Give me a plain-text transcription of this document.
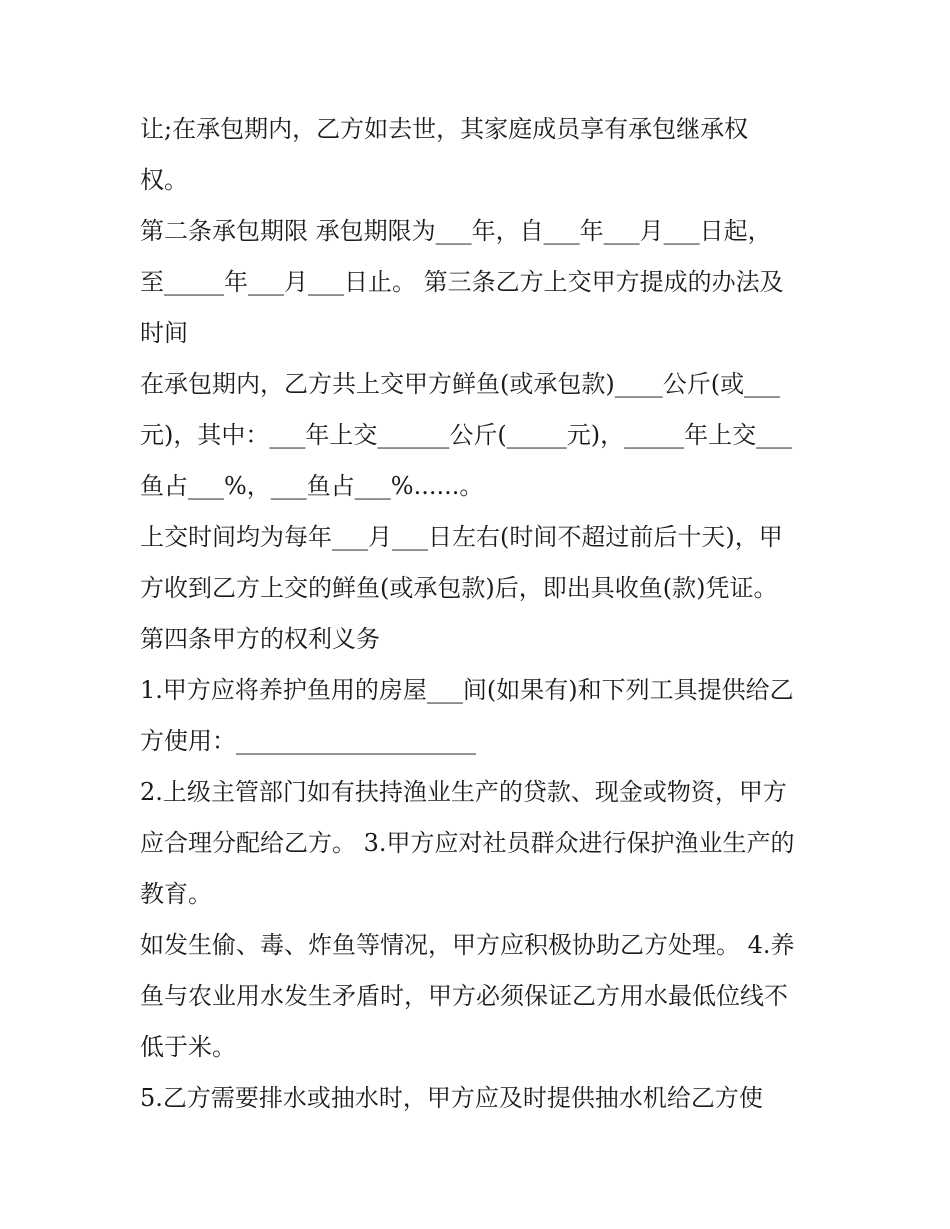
让;在承包期内，乙方如去世，其家庭成员享有承包继承权
权。
第二条承包期限 承包期限为___年，自___年___月___日起，
至_____年___月___日止。 第三条乙方上交甲方提成的办法及
时间
在承包期内，乙方共上交甲方鲜鱼(或承包款)____公斤(或___
元)，其中：___年上交______公斤(_____元)，_____年上交___
鱼占___%，___鱼占___%......。
上交时间均为每年___月___日左右(时间不超过前后十天)，甲
方收到乙方上交的鲜鱼(或承包款)后，即出具收鱼(款)凭证。
第四条甲方的权利义务
1.甲方应将养护鱼用的房屋___间(如果有)和下列工具提供给乙
方使用：____________________
2.上级主管部门如有扶持渔业生产的贷款、现金或物资，甲方
应合理分配给乙方。 3.甲方应对社员群众进行保护渔业生产的
教育。
如发生偷、毒、炸鱼等情况，甲方应积极协助乙方处理。 4.养
鱼与农业用水发生矛盾时，甲方必须保证乙方用水最低位线不
低于米。
5.乙方需要排水或抽水时，甲方应及时提供抽水机给乙方使
